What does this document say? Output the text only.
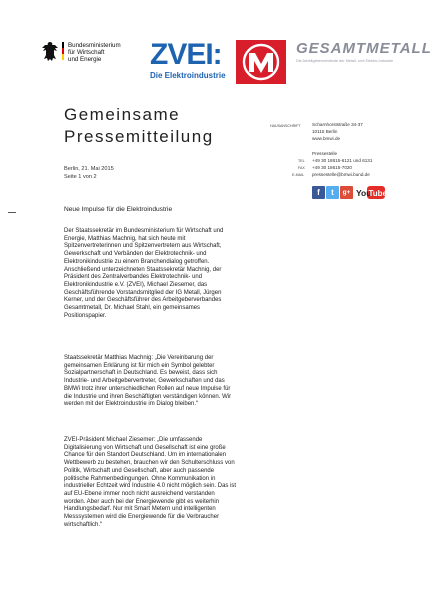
Bundesministerium
für Wirtschaft
und Energie	ZVEI:
Die Elektroindustrie
GESAMTMETALL
Die Arbeitgeberverbände der Metall- und Elektro-Industrie
Gemeinsame
Pressemitteilung
HAUSANSCHRIFT Scharnhorststraße 34-37
10115 Berlin
www.bmwi.de
Pressestelle
TEL +49 30 18615-6121 und 6131
FAX +49 30 18615-7020
E-MAIL pressestelle@bmwi.bund.de
Berlin, 21. Mai 2015
Seite 1 von 2
f	t	g+ You
Tube
Neue Impulse für die Elektroindustrie
Der Staatssekretär im Bundesministerium für Wirtschaft und
Energie, Matthias Machnig, hat sich heute mit
Spitzenvertreterinnen und Spitzenvertretern aus Wirtschaft,
Gewerkschaft und Verbänden der Elektrotechnik- und
Elektronikindustrie zu einem Branchendialog getroffen.
Anschließend unterzeichneten Staatssekretär Machnig, der
Präsident des Zentralverbandes Elektrotechnik- und
Elektronikindustrie e.V. (ZVEI), Michael Ziesemer, das
Geschäftsführende Vorstandsmitglied der IG Metall, Jürgen
Kerner, und der Geschäftsführer des Arbeitgeberverbandes
Gesamtmetall, Dr. Michael Stahl, ein gemeinsames
Positionspapier.
Staatssekretär Matthias Machnig: „Die Vereinbarung der
gemeinsamen Erklärung ist für mich ein Symbol gelebter
Sozialpartnerschaft in Deutschland. Es beweist, dass sich
Industrie- und Arbeitgebervertreter, Gewerkschaften und das
BMWi trotz ihrer unterschiedlichen Rollen auf neue Impulse für
die Industrie und ihren Beschäftigten verständigen können. Wir
werden mit der Elektroindustrie im Dialog bleiben.“
ZVEI-Präsident Michael Ziesemer: „Die umfassende
Digitalisierung von Wirtschaft und Gesellschaft ist eine große
Chance für den Standort Deutschland. Um im internationalen
Wettbewerb zu bestehen, brauchen wir den Schulterschluss von
Politik, Wirtschaft und Gesellschaft, aber auch passende
politische Rahmenbedingungen. Ohne Kommunikation in
industrieller Echtzeit wird Industrie 4.0 nicht möglich sein. Das ist
auf EU-Ebene immer noch nicht ausreichend verstanden
worden. Aber auch bei der Energiewende gibt es weiterhin
Handlungsbedarf. Nur mit Smart Metern und intelligenten
Messsystemen wird die Energiewende für die Verbraucher
wirtschaftlich.“
